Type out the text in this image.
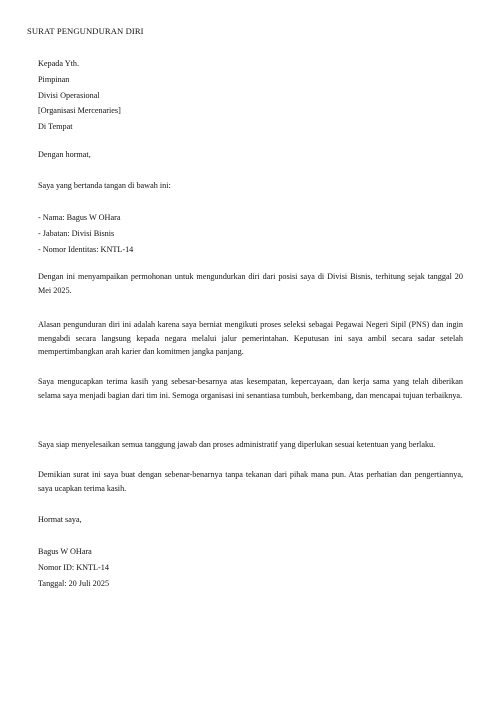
SURAT PENGUNDURAN DIRI
Kepada Yth.
Pimpinan
Divisi Operasional
[Organisasi Mercenaries]
Di Tempat
Dengan hormat,
Saya yang bertanda tangan di bawah ini:
- Nama: Bagus W OHara
- Jabatan: Divisi Bisnis
- Nomor Identitas: KNTL-14
Dengan ini menyampaikan permohonan untuk mengundurkan diri dari posisi saya di Divisi Bisnis, terhitung sejak tanggal 20 Mei 2025.
Alasan pengunduran diri ini adalah karena saya berniat mengikuti proses seleksi sebagai Pegawai Negeri Sipil (PNS) dan ingin mengabdi secara langsung kepada negara melalui jalur pemerintahan. Keputusan ini saya ambil secara sadar setelah mempertimbangkan arah karier dan komitmen jangka panjang.
Saya mengucapkan terima kasih yang sebesar-besarnya atas kesempatan, kepercayaan, dan kerja sama yang telah diberikan selama saya menjadi bagian dari tim ini. Semoga organisasi ini senantiasa tumbuh, berkembang, dan mencapai tujuan terbaiknya.
Saya siap menyelesaikan semua tanggung jawab dan proses administratif yang diperlukan sesuai ketentuan yang berlaku.
Demikian surat ini saya buat dengan sebenar-benarnya tanpa tekanan dari pihak mana pun. Atas perhatian dan pengertiannya, saya ucapkan terima kasih.
Hormat saya,
Bagus W OHara
Nomor ID: KNTL-14
Tanggal: 20 Juli 2025
